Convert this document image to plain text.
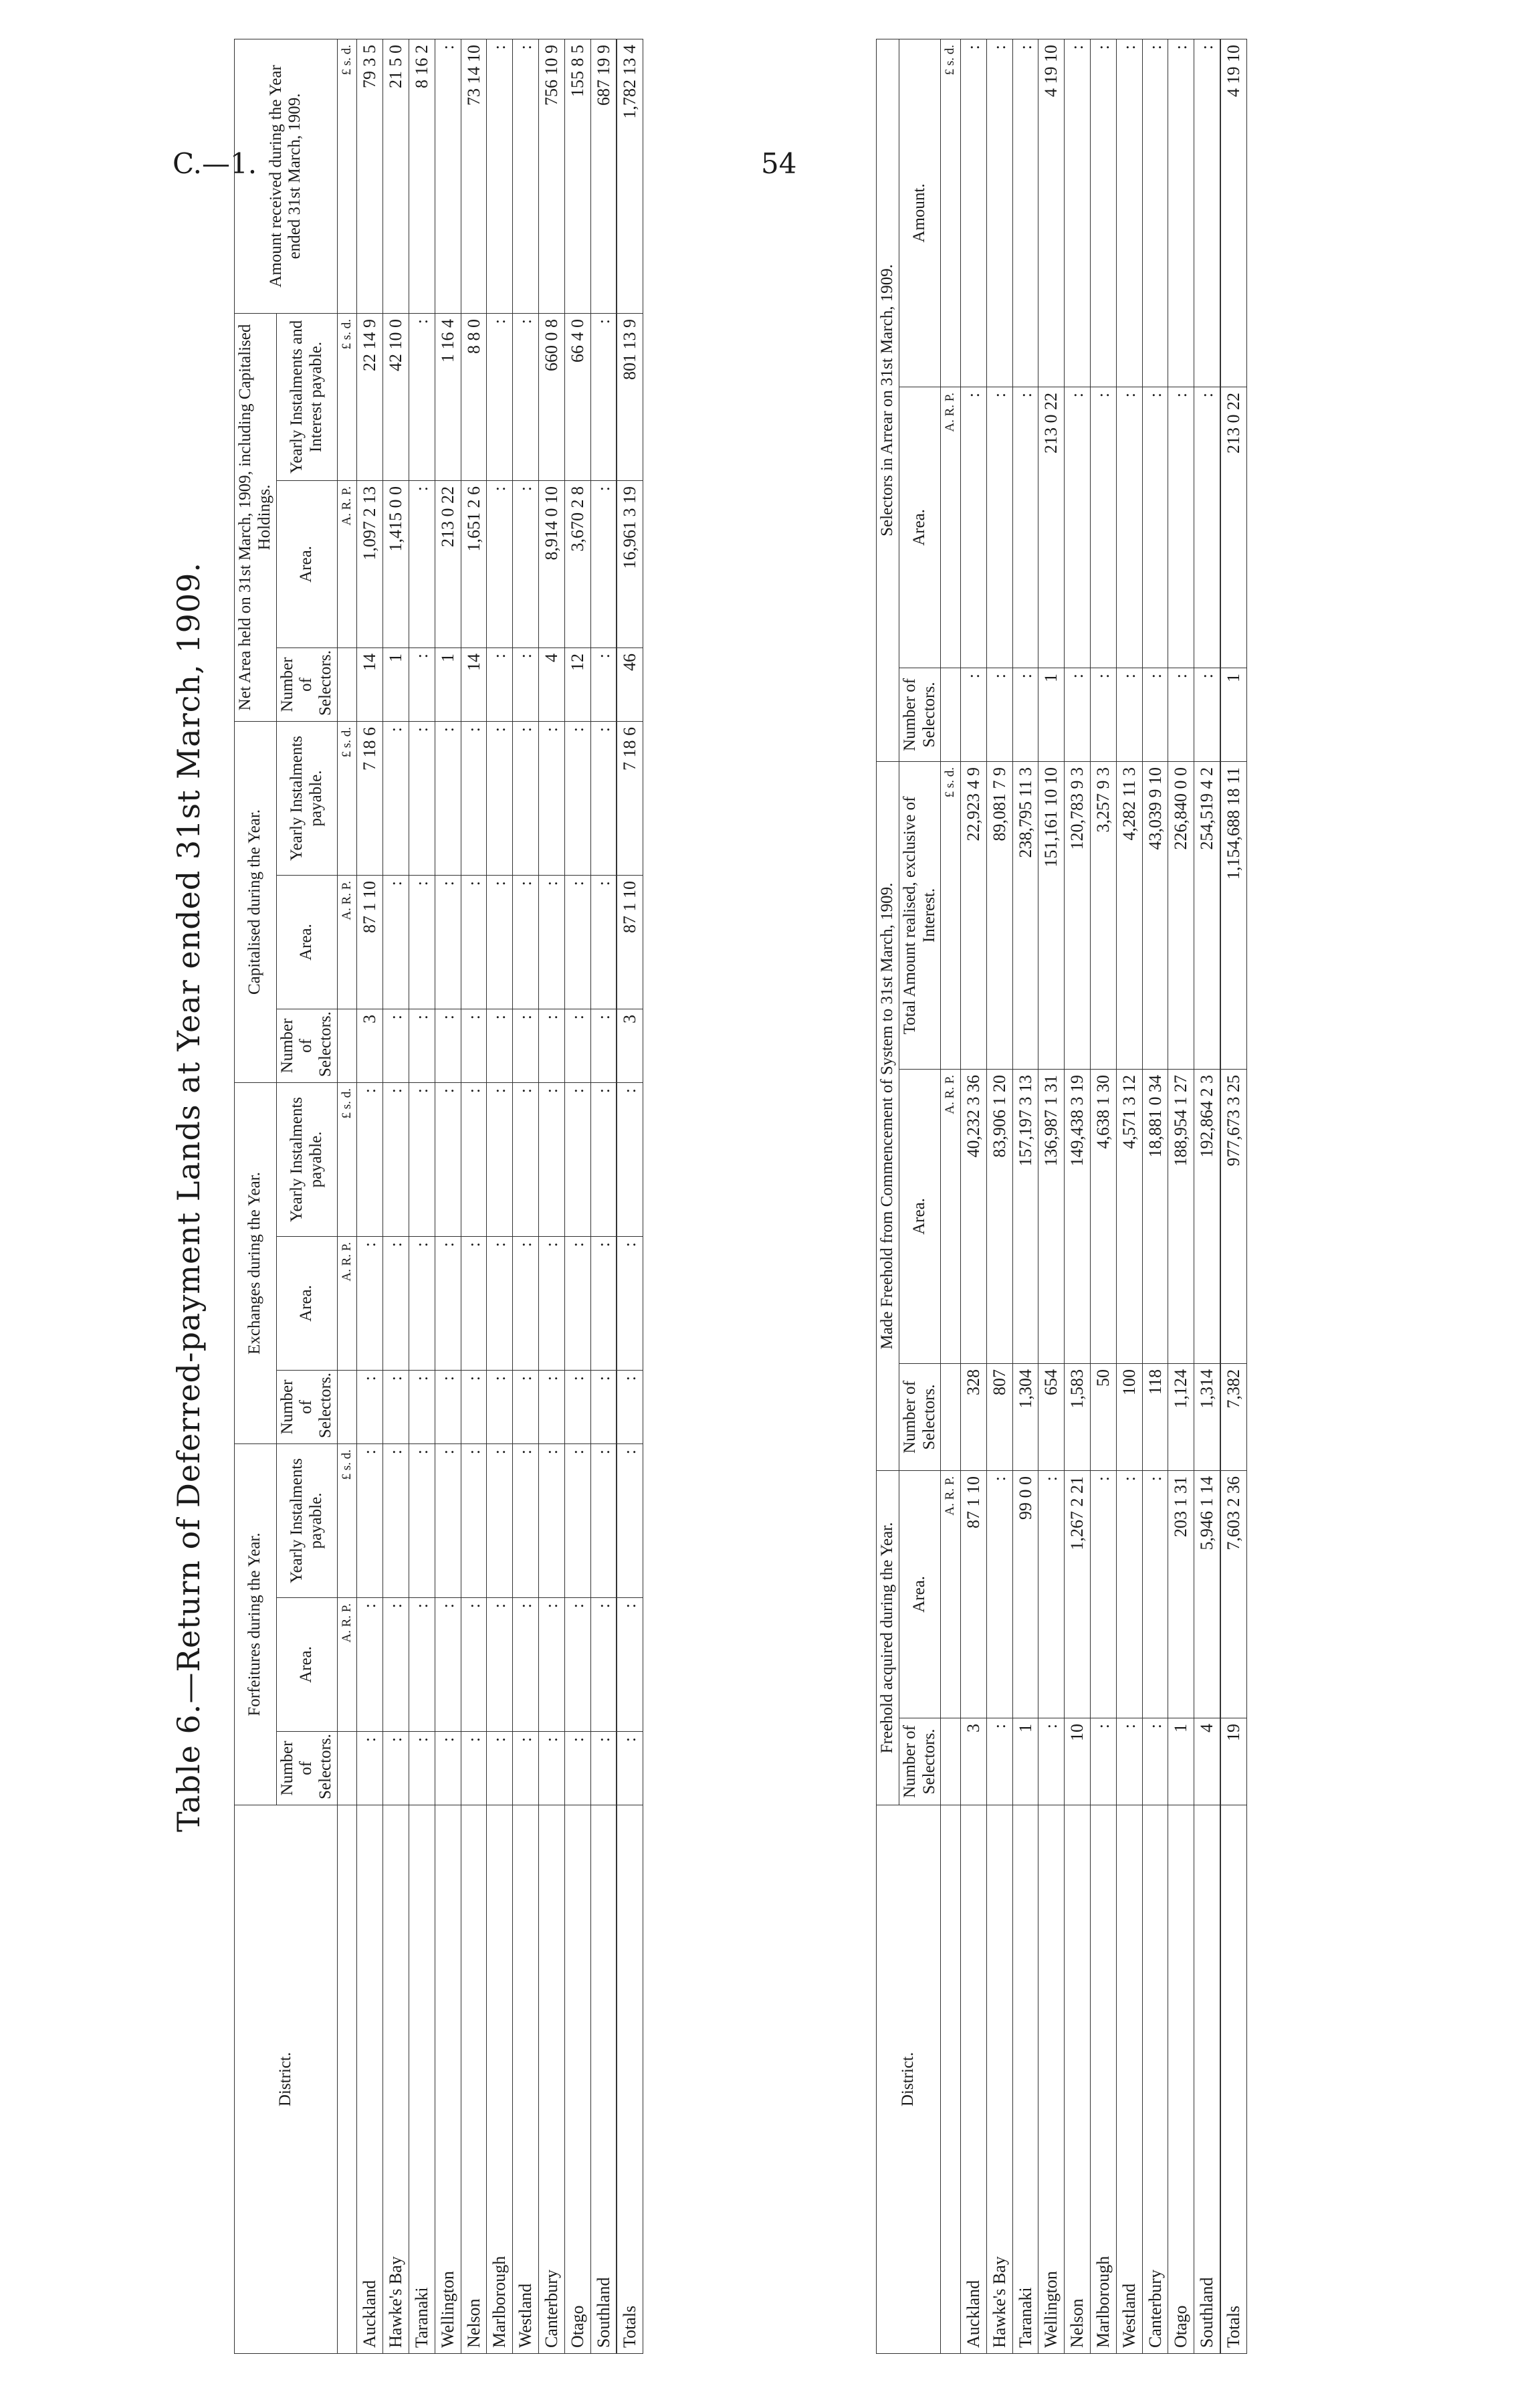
C.—1.	54
Table 6.—Return of Deferred-payment Lands at Year ended 31st March, 1909.
District.	Forfeitures during the Year.			Exchanges during the Year.			Capitalised during the Year.			Net Area held on 31st March, 1909, including Capitalised Holdings.			Amount received during the Year ended 31st March, 1909.
	Number of Selectors.	Area.	Yearly Instalments payable.	Number of Selectors.	Area.	Yearly Instalments payable.	Number of Selectors.	Area.	Yearly Instalments payable.	Number of Selectors.	Area.	Yearly Instalments and Interest payable.	
		A. R. P.	£ s. d.		A. R. P.	£ s. d.		A. R. P.	£ s. d.		A. R. P.	£ s. d.	£ s. d.
Auckland	:	:	:	:	:	:	3	87 1 10	7 18 6	14	1,097 2 13	22 14 9	79 3 5
Hawke's Bay	:	:	:	:	:	:	:	:	:	1	1,415 0 0	42 10 0	21 5 0
Taranaki	:	:	:	:	:	:	:	:	:	:	:	:	8 16 2
Wellington	:	:	:	:	:	:	:	:	:	1	213 0 22	1 16 4	:
Nelson	:	:	:	:	:	:	:	:	:	14	1,651 2 6	8 8 0	73 14 10
Marlborough	:	:	:	:	:	:	:	:	:	:	:	:	:
Westland	:	:	:	:	:	:	:	:	:	:	:	:	:
Canterbury	:	:	:	:	:	:	:	:	:	4	8,914 0 10	660 0 8	756 10 9
Otago	:	:	:	:	:	:	:	:	:	12	3,670 2 8	66 4 0	155 8 5
Southland	:	:	:	:	:	:	:	:	:	:	:	:	687 19 9
Totals	:	:	:	:	:	:	3	87 1 10	7 18 6	46	16,961 3 19	801 13 9	1,782 13 4
District.	Freehold acquired during the Year.		Made Freehold from Commencement of System to 31st March, 1909.			Selectors in Arrear on 31st March, 1909.		
	Number of Selectors.	Area.	Number of Selectors.	Area.	Total Amount realised, exclusive of Interest.	Number of Selectors.	Area.	Amount.
		A. R. P.		A. R. P.	£ s. d.		A. R. P.	£ s. d.
Auckland	3	87 1 10	328	40,232 3 36	22,923 4 9	:	:	:
Hawke's Bay	:	:	807	83,906 1 20	89,081 7 9	:	:	:
Taranaki	1	99 0 0	1,304	157,197 3 13	238,795 11 3	:	:	:
Wellington	:	:	654	136,987 1 31	151,161 10 10	1	213 0 22	4 19 10
Nelson	10	1,267 2 21	1,583	149,438 3 19	120,783 9 3	:	:	:
Marlborough	:	:	50	4,638 1 30	3,257 9 3	:	:	:
Westland	:	:	100	4,571 3 12	4,282 11 3	:	:	:
Canterbury	:	:	118	18,881 0 34	43,039 9 10	:	:	:
Otago	1	203 1 31	1,124	188,954 1 27	226,840 0 0	:	:	:
Southland	4	5,946 1 14	1,314	192,864 2 3	254,519 4 2	:	:	:
Totals	19	7,603 2 36	7,382	977,673 3 25	1,154,688 18 11	1	213 0 22	4 19 10
